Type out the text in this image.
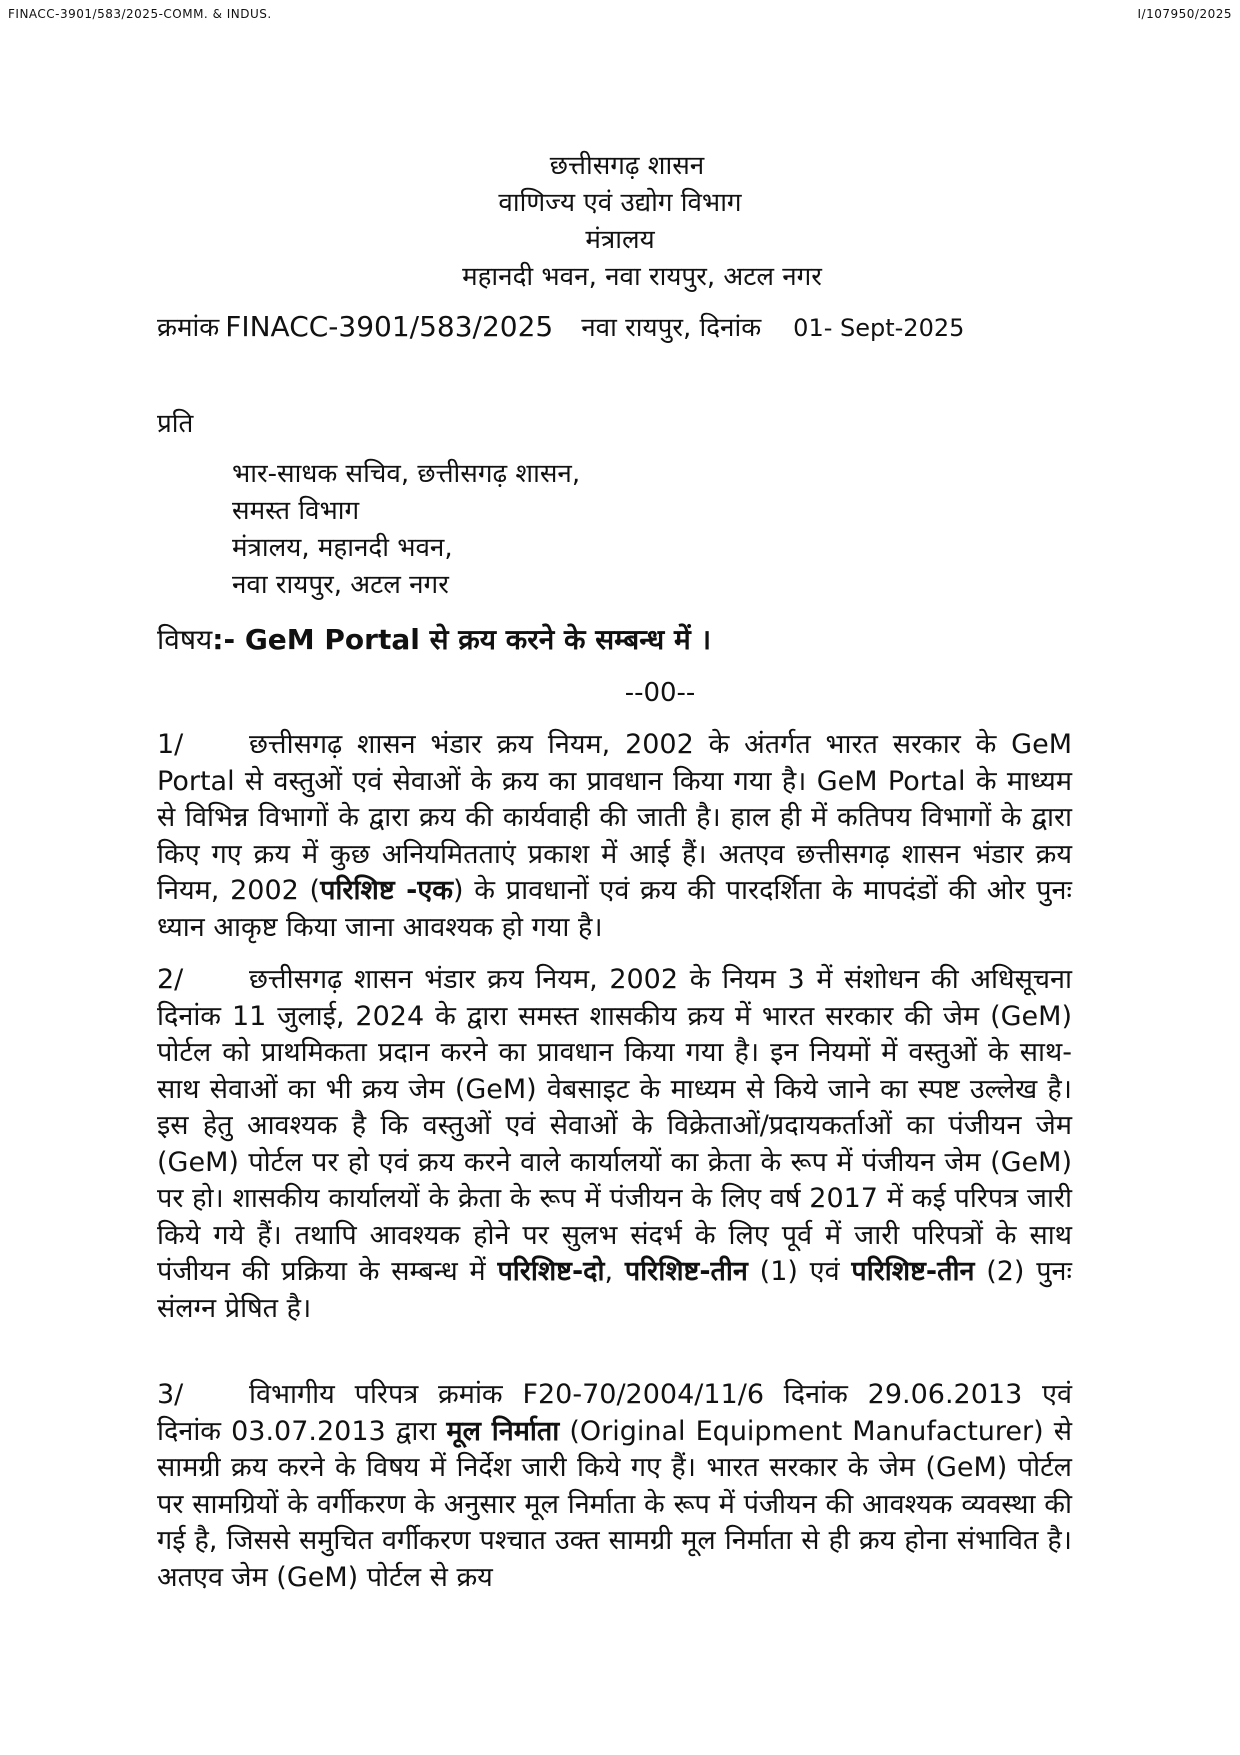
FINACC-3901/583/2025-COMM. & INDUS.	I/107950/2025
छत्तीसगढ़ शासन
वाणिज्य एवं उद्योग विभाग
मंत्रालय
महानदी भवन, नवा रायपुर, अटल नगर
क्रमांक FINACC-3901/583/2025 नवा रायपुर, दिनांक 01- Sept-2025
प्रति
भार-साधक सचिव, छत्तीसगढ़ शासन,
समस्त विभाग
मंत्रालय, महानदी भवन,
नवा रायपुर, अटल नगर
विषय:- GeM Portal से क्रय करने के सम्बन्ध में ।
--00--

1/ छत्तीसगढ़ शासन भंडार क्रय नियम, 2002 के अंतर्गत भारत सरकार के GeM Portal से वस्तुओं एवं सेवाओं के क्रय का प्रावधान किया गया है। GeM Portal के माध्यम से विभिन्न विभागों के द्वारा क्रय की कार्यवाही की जाती है। हाल ही में कतिपय विभागों के द्वारा किए गए क्रय में कुछ अनियमितताएं प्रकाश में आई हैं। अतएव छत्तीसगढ़ शासन भंडार क्रय नियम, 2002 (परिशिष्ट -एक) के प्रावधानों एवं क्रय की पारदर्शिता के मापदंडों की ओर पुनः ध्यान आकृष्ट किया जाना आवश्यक हो गया है।

2/ छत्तीसगढ़ शासन भंडार क्रय नियम, 2002 के नियम 3 में संशोधन की अधिसूचना दिनांक 11 जुलाई, 2024 के द्वारा समस्त शासकीय क्रय में भारत सरकार की जेम (GeM) पोर्टल को प्राथमिकता प्रदान करने का प्रावधान किया गया है। इन नियमों में वस्तुओं के साथ-साथ सेवाओं का भी क्रय जेम (GeM) वेबसाइट के माध्यम से किये जाने का स्पष्ट उल्लेख है। इस हेतु आवश्यक है कि वस्तुओं एवं सेवाओं के विक्रेताओं/प्रदायकर्ताओं का पंजीयन जेम (GeM) पोर्टल पर हो एवं क्रय करने वाले कार्यालयों का क्रेता के रूप में पंजीयन जेम (GeM) पर हो। शासकीय कार्यालयों के क्रेता के रूप में पंजीयन के लिए वर्ष 2017 में कई परिपत्र जारी किये गये हैं। तथापि आवश्यक होने पर सुलभ संदर्भ के लिए पूर्व में जारी परिपत्रों के साथ पंजीयन की प्रक्रिया के सम्बन्ध में परिशिष्ट-दो, परिशिष्ट-तीन (1) एवं परिशिष्ट-तीन (2) पुनः संलग्न प्रेषित है।

3/ विभागीय परिपत्र क्रमांक F20-70/2004/11/6 दिनांक 29.06.2013 एवं दिनांक 03.07.2013 द्वारा मूल निर्माता (Original Equipment Manufacturer) से सामग्री क्रय करने के विषय में निर्देश जारी किये गए हैं। भारत सरकार के जेम (GeM) पोर्टल पर सामग्रियों के वर्गीकरण के अनुसार मूल निर्माता के रूप में पंजीयन की आवश्यक व्यवस्था की गई है, जिससे समुचित वर्गीकरण पश्चात उक्त सामग्री मूल निर्माता से ही क्रय होना संभावित है। अतएव जेम (GeM) पोर्टल से क्रय
